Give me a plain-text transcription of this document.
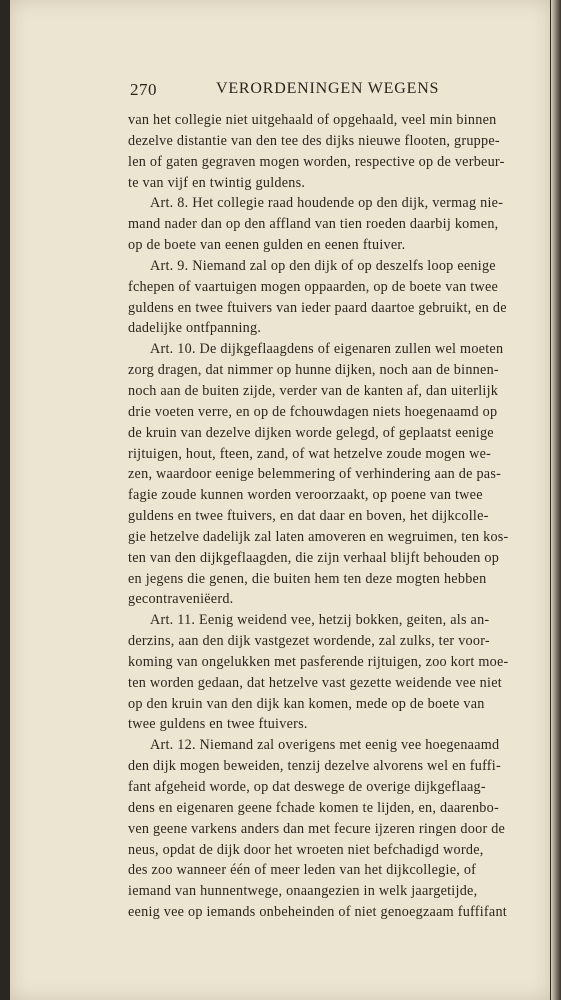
270	VERORDENINGEN WEGENS
van het collegie niet uitgehaald of opgehaald, veel min binnen
dezelve distantie van den tee des dijks nieuwe flooten, gruppe-
len of gaten gegraven mogen worden, respective op de verbeur-
te van vijf en twintig guldens.
Art. 8. Het collegie raad houdende op den dijk, vermag nie-
mand nader dan op den affland van tien roeden daarbij komen,
op de boete van eenen gulden en eenen ftuiver.
Art. 9. Niemand zal op den dijk of op deszelfs loop eenige
fchepen of vaartuigen mogen oppaarden, op de boete van twee
guldens en twee ftuivers van ieder paard daartoe gebruikt, en de
dadelijke ontfpanning.
Art. 10. De dijkgeflaagdens of eigenaren zullen wel moeten
zorg dragen, dat nimmer op hunne dijken, noch aan de binnen-
noch aan de buiten zijde, verder van de kanten af, dan uiterlijk
drie voeten verre, en op de fchouwdagen niets hoegenaamd op
de kruin van dezelve dijken worde gelegd, of geplaatst eenige
rijtuigen, hout, fteen, zand, of wat hetzelve zoude mogen we-
zen, waardoor eenige belemmering of verhindering aan de pas-
fagie zoude kunnen worden veroorzaakt, op poene van twee
guldens en twee ftuivers, en dat daar en boven, het dijkcolle-
gie hetzelve dadelijk zal laten amoveren en wegruimen, ten kos-
ten van den dijkgeflaagden, die zijn verhaal blijft behouden op
en jegens die genen, die buiten hem ten deze mogten hebben
gecontraveniëerd.
Art. 11. Eenig weidend vee, hetzij bokken, geiten, als an-
derzins, aan den dijk vastgezet wordende, zal zulks, ter voor-
koming van ongelukken met pasferende rijtuigen, zoo kort moe-
ten worden gedaan, dat hetzelve vast gezette weidende vee niet
op den kruin van den dijk kan komen, mede op de boete van
twee guldens en twee ftuivers.
Art. 12. Niemand zal overigens met eenig vee hoegenaamd
den dijk mogen beweiden, tenzij dezelve alvorens wel en fuffi-
fant afgeheid worde, op dat deswege de overige dijkgeflaag-
dens en eigenaren geene fchade komen te lijden, en, daarenbo-
ven geene varkens anders dan met fecure ijzeren ringen door de
neus, opdat de dijk door het wroeten niet befchadigd worde,
des zoo wanneer één of meer leden van het dijkcollegie, of
iemand van hunnentwege, onaangezien in welk jaargetijde,
eenig vee op iemands onbeheinden of niet genoegzaam fuffifant
